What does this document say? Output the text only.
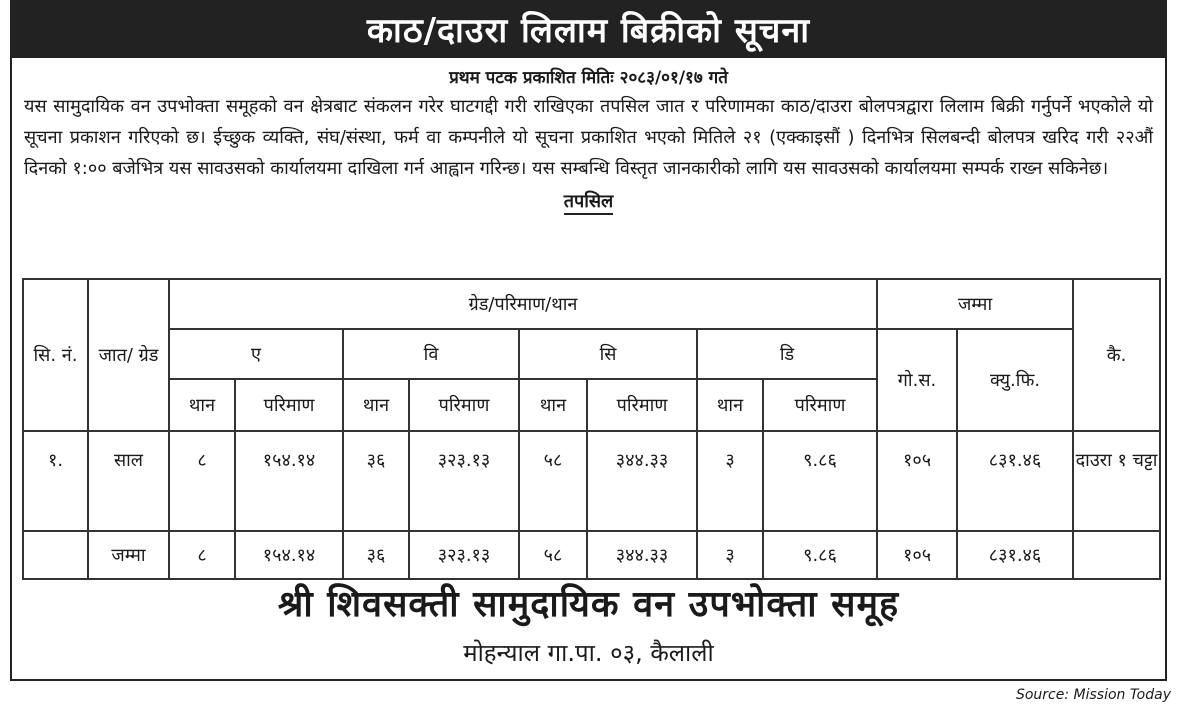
काठ/दाउरा लिलाम बिक्रीको सूचना
प्रथम पटक प्रकाशित मितिः २०८३/०१/१७ गते
यस सामुदायिक वन उपभोक्ता समूहको वन क्षेत्रबाट संकलन गरेर घाटगद्दी गरी राखिएका तपसिल जात र परिणामका काठ/दाउरा बोलपत्रद्वारा लिलाम बिक्री गर्नुपर्ने भएकोले यो सूचना प्रकाशन गरिएको छ। ईच्छुक व्यक्ति, संघ/संस्था, फर्म वा कम्पनीले यो सूचना प्रकाशित भएको मितिले २१ (एक्काइसौं ) दिनभित्र सिलबन्दी बोलपत्र खरिद गरी २२औं दिनको १:०० बजेभित्र यस सावउसको कार्यालयमा दाखिला गर्न आह्वान गरिन्छ। यस सम्बन्धि विस्तृत जानकारीको लागि यस सावउसको कार्यालयमा सम्पर्क राख्न सकिनेछ।
तपसिल
सि. नं.	जात/ ग्रेड	ग्रेड/परिमाण/थान								जम्मा		कै.
		ए		वि		सि		डि		गो.स.	क्यु.फि.	
		थान	परिमाण	थान	परिमाण	थान	परिमाण	थान	परिमाण			
१.	साल	८	१५४.१४	३६	३२३.१३	५८	३४४.३३	३	९.८६	१०५	८३१.४६	दाउरा १ चट्टा
	जम्मा	८	१५४.१४	३६	३२३.१३	५८	३४४.३३	३	९.८६	१०५	८३१.४६	
श्री शिवसक्ती सामुदायिक वन उपभोक्ता समूह
मोहन्याल गा.पा. ०३, कैलाली
Source: Mission Today
